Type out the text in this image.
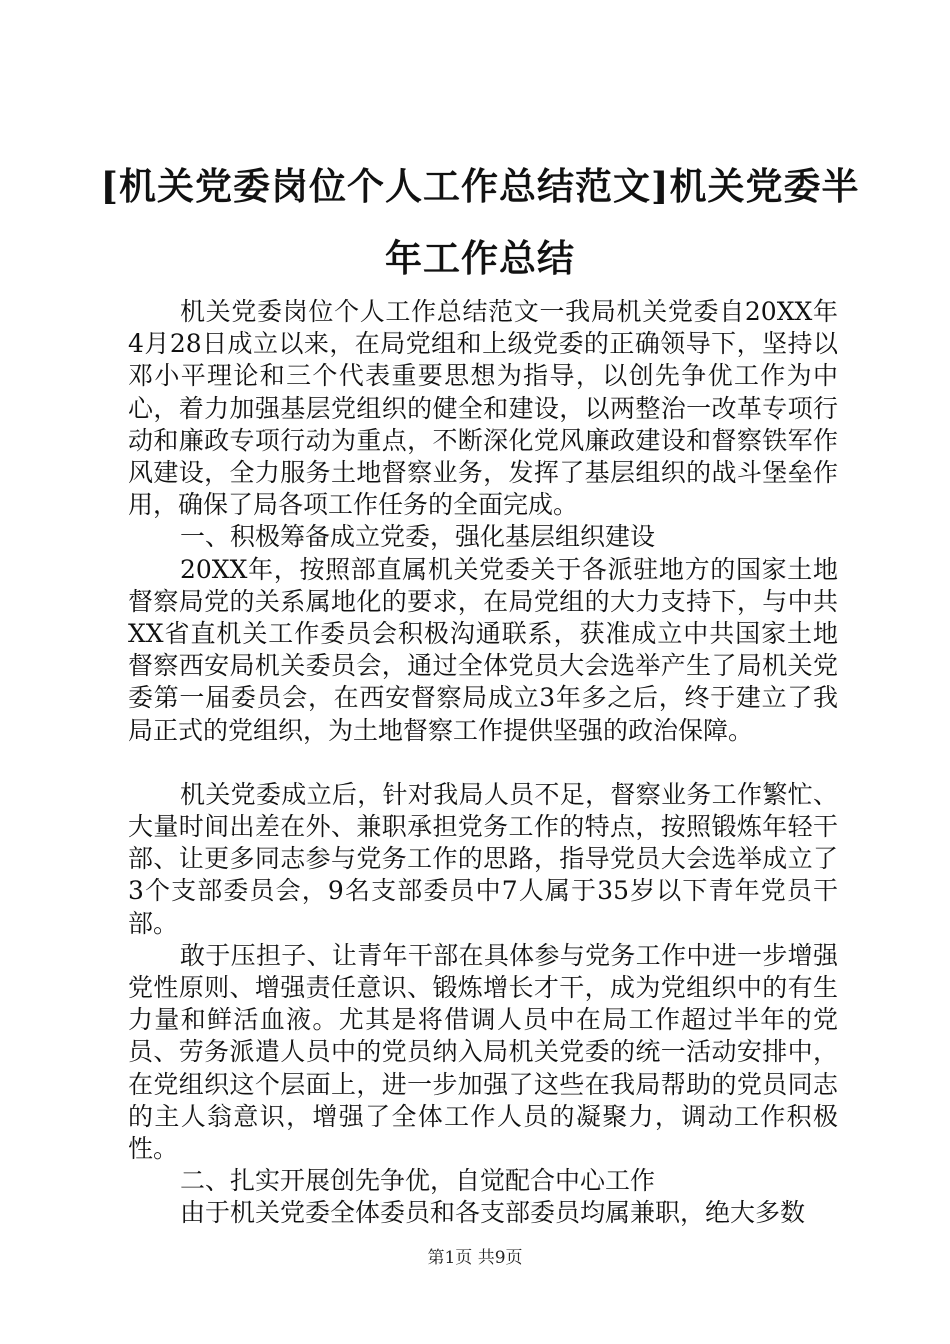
[机关党委岗位个人工作总结范文]机关党委半年工作总结

机关党委岗位个人工作总结范文一我局机关党委自20XX年4月28日成立以来，在局党组和上级党委的正确领导下，坚持以邓小平理论和三个代表重要思想为指导，以创先争优工作为中心，着力加强基层党组织的健全和建设，以两整治一改革专项行动和廉政专项行动为重点，不断深化党风廉政建设和督察铁军作风建设，全力服务土地督察业务，发挥了基层组织的战斗堡垒作用，确保了局各项工作任务的全面完成。

一、积极筹备成立党委，强化基层组织建设

20XX年，按照部直属机关党委关于各派驻地方的国家土地督察局党的关系属地化的要求，在局党组的大力支持下，与中共XX省直机关工作委员会积极沟通联系，获准成立中共国家土地督察西安局机关委员会，通过全体党员大会选举产生了局机关党委第一届委员会，在西安督察局成立3年多之后，终于建立了我局正式的党组织，为土地督察工作提供坚强的政治保障。

机关党委成立后，针对我局人员不足，督察业务工作繁忙、大量时间出差在外、兼职承担党务工作的特点，按照锻炼年轻干部、让更多同志参与党务工作的思路，指导党员大会选举成立了3个支部委员会，9名支部委员中7人属于35岁以下青年党员干部。

敢于压担子、让青年干部在具体参与党务工作中进一步增强党性原则、增强责任意识、锻炼增长才干，成为党组织中的有生力量和鲜活血液。尤其是将借调人员中在局工作超过半年的党员、劳务派遣人员中的党员纳入局机关党委的统一活动安排中，在党组织这个层面上，进一步加强了这些在我局帮助的党员同志的主人翁意识，增强了全体工作人员的凝聚力，调动工作积极性。

二、扎实开展创先争优，自觉配合中心工作

由于机关党委全体委员和各支部委员均属兼职，绝大多数

第1页 共9页
